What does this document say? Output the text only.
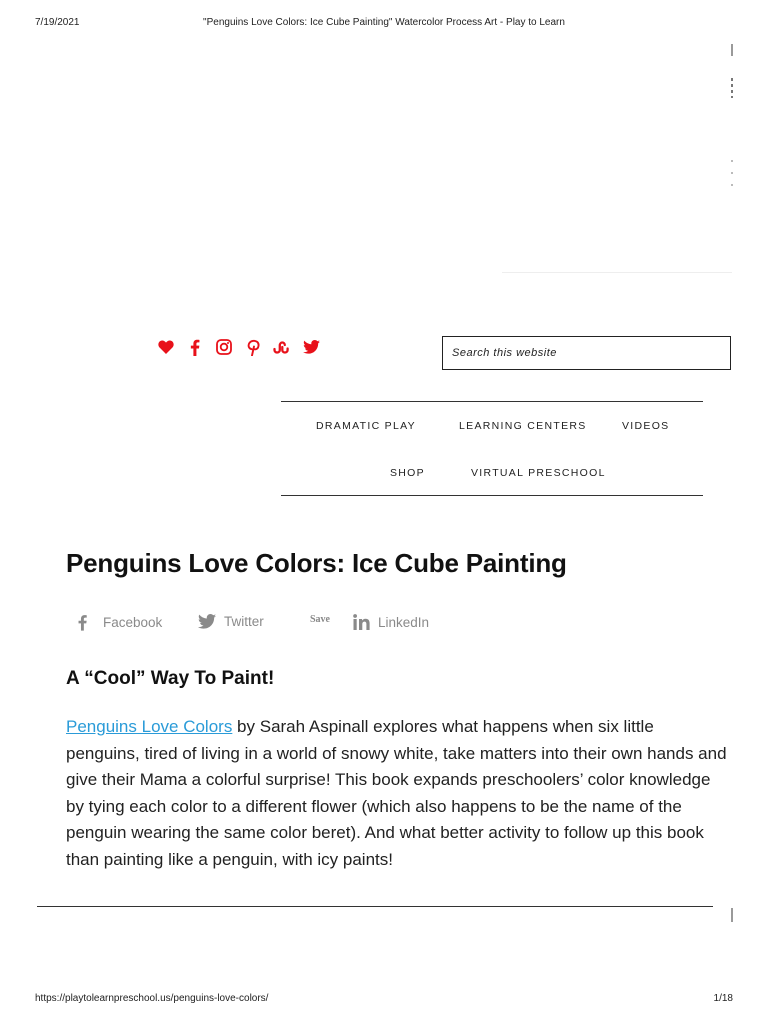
7/19/2021	"Penguins Love Colors: Ice Cube Painting" Watercolor Process Art - Play to Learn
Search this website
DRAMATIC PLAY	LEARNING CENTERS	VIDEOS
SHOP	VIRTUAL PRESCHOOL
Penguins Love Colors: Ice Cube Painting
Facebook	Twitter	Save	LinkedIn
A “Cool” Way To Paint!

Penguins Love Colors by Sarah Aspinall explores what happens when six little penguins, tired of living in a world of snowy white, take matters into their own hands and give their Mama a colorful surprise! This book expands preschoolers’ color knowledge by tying each color to a different flower (which also happens to be the name of the penguin wearing the same color beret). And what better activity to follow up this book than painting like a penguin, with icy paints!

https://playtolearnpreschool.us/penguins-love-colors/	1/18
